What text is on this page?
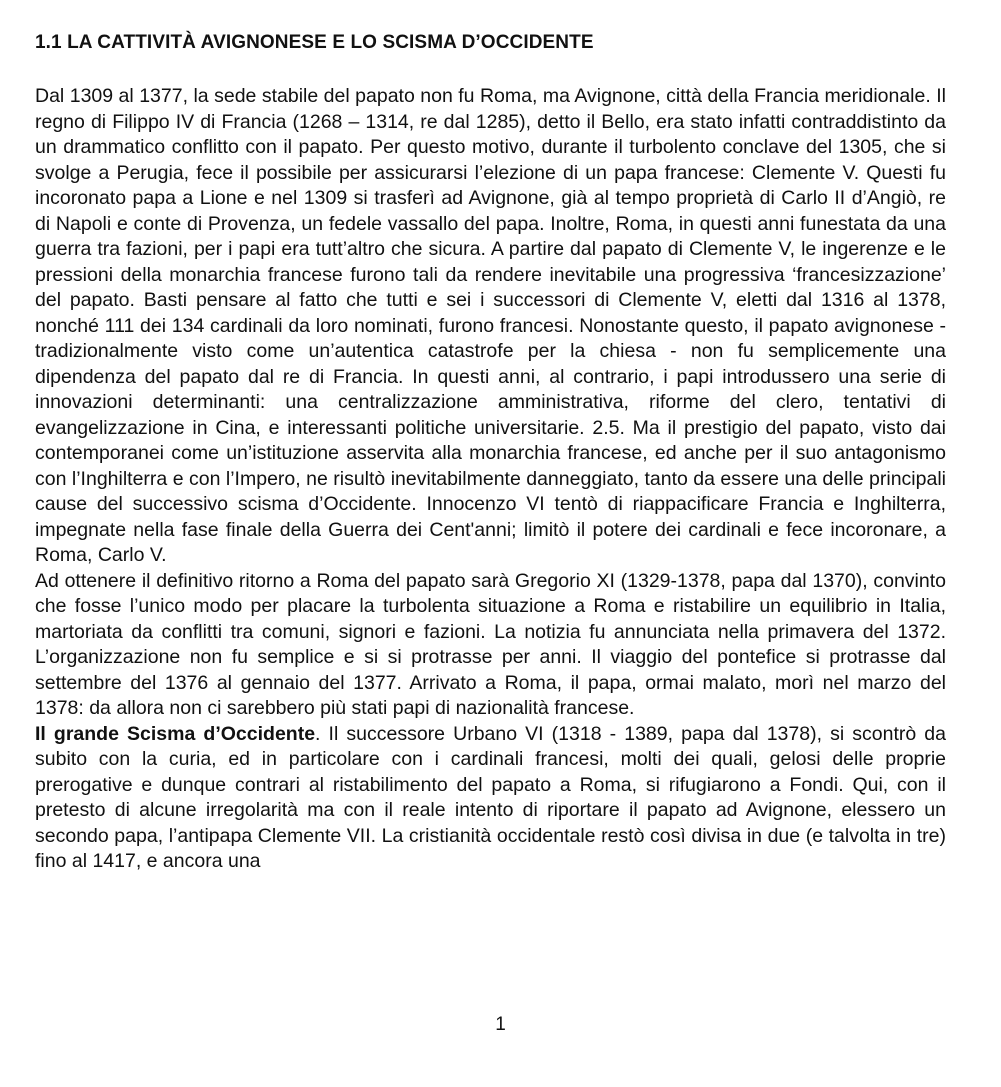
1.1 LA CATTIVITÀ AVIGNONESE E LO SCISMA D’OCCIDENTE

Dal 1309 al 1377, la sede stabile del papato non fu Roma, ma Avignone, città della Francia meridionale. Il regno di Filippo IV di Francia (1268 – 1314, re dal 1285), detto il Bello, era stato infatti contraddistinto da un drammatico conflitto con il papato. Per questo motivo, durante il turbolento conclave del 1305, che si svolge a Perugia, fece il possibile per assicurarsi l’elezione di un papa francese: Clemente V. Questi fu incoronato papa a Lione e nel 1309 si trasferì ad Avignone, già al tempo proprietà di Carlo II d’Angiò, re di Napoli e conte di Provenza, un fedele vassallo del papa. Inoltre, Roma, in questi anni funestata da una guerra tra fazioni, per i papi era tutt’altro che sicura. A partire dal papato di Clemente V, le ingerenze e le pressioni della monarchia francese furono tali da rendere inevitabile una progressiva ‘francesizzazione’ del papato. Basti pensare al fatto che tutti e sei i successori di Clemente V, eletti dal 1316 al 1378, nonché 111 dei 134 cardinali da loro nominati, furono francesi. Nonostante questo, il papato avignonese - tradizionalmente visto come un’autentica catastrofe per la chiesa - non fu semplicemente una dipendenza del papato dal re di Francia. In questi anni, al contrario, i papi introdussero una serie di innovazioni determinanti: una centralizzazione amministrativa, riforme del clero, tentativi di evangelizzazione in Cina, e interessanti politiche universitarie. 2.5. Ma il prestigio del papato, visto dai contemporanei come un’istituzione asservita alla monarchia francese, ed anche per il suo antagonismo con l’Inghilterra e con l’Impero, ne risultò inevitabilmente danneggiato, tanto da essere una delle principali cause del successivo scisma d’Occidente. Innocenzo VI tentò di riappacificare Francia e Inghilterra, impegnate nella fase finale della Guerra dei Cent'anni; limitò il potere dei cardinali e fece incoronare, a Roma, Carlo V.

Ad ottenere il definitivo ritorno a Roma del papato sarà Gregorio XI (1329-1378, papa dal 1370), convinto che fosse l’unico modo per placare la turbolenta situazione a Roma e ristabilire un equilibrio in Italia, martoriata da conflitti tra comuni, signori e fazioni. La notizia fu annunciata nella primavera del 1372. L’organizzazione non fu semplice e si si protrasse per anni. Il viaggio del pontefice si protrasse dal settembre del 1376 al gennaio del 1377. Arrivato a Roma, il papa, ormai malato, morì nel marzo del 1378: da allora non ci sarebbero più stati papi di nazionalità francese.

Il grande Scisma d’Occidente. Il successore Urbano VI (1318 - 1389, papa dal 1378), si scontrò da subito con la curia, ed in particolare con i cardinali francesi, molti dei quali, gelosi delle proprie prerogative e dunque contrari al ristabilimento del papato a Roma, si rifugiarono a Fondi. Qui, con il pretesto di alcune irregolarità ma con il reale intento di riportare il papato ad Avignone, elessero un secondo papa, l’antipapa Clemente VII. La cristianità occidentale restò così divisa in due (e talvolta in tre) fino al 1417, e ancora una

1
